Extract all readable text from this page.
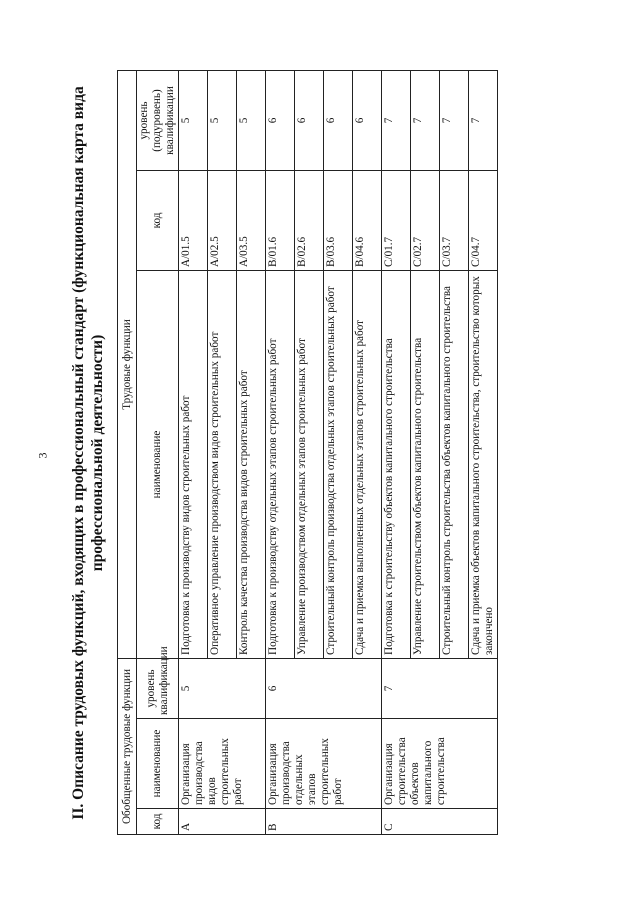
3	II. Описание трудовых функций, входящих в профессиональный стандарт (функциональная карта вида профессиональной деятельности)
Обобщенные трудовые функции			Трудовые функции		
код	наименование	уровень квалификации	наименование	код	уровень (подуровень) квалификации
A	Организация производства видов строительных работ	5	Подготовка к производству видов строительных работ	A/01.5	5
			Оперативное управление производством видов строительных работ	A/02.5	5
			Контроль качества производства видов строительных работ	A/03.5	5
B	Организация производства отдельных этапов строительных работ	6	Подготовка к производству отдельных этапов строительных работ	B/01.6	6
			Управление производством отдельных этапов строительных работ	B/02.6	6
			Строительный контроль производства отдельных этапов строительных работ	B/03.6	6
			Сдача и приемка выполненных отдельных этапов строительных работ	B/04.6	6
C	Организация строительства объектов капитального строительства	7	Подготовка к строительству объектов капитального строительства	C/01.7	7
			Управление строительством объектов капитального строительства	C/02.7	7
			Строительный контроль строительства объектов капитального строительства	C/03.7	7
			Сдача и приемка объектов капитального строительства, строительство которых закончено	C/04.7	7
